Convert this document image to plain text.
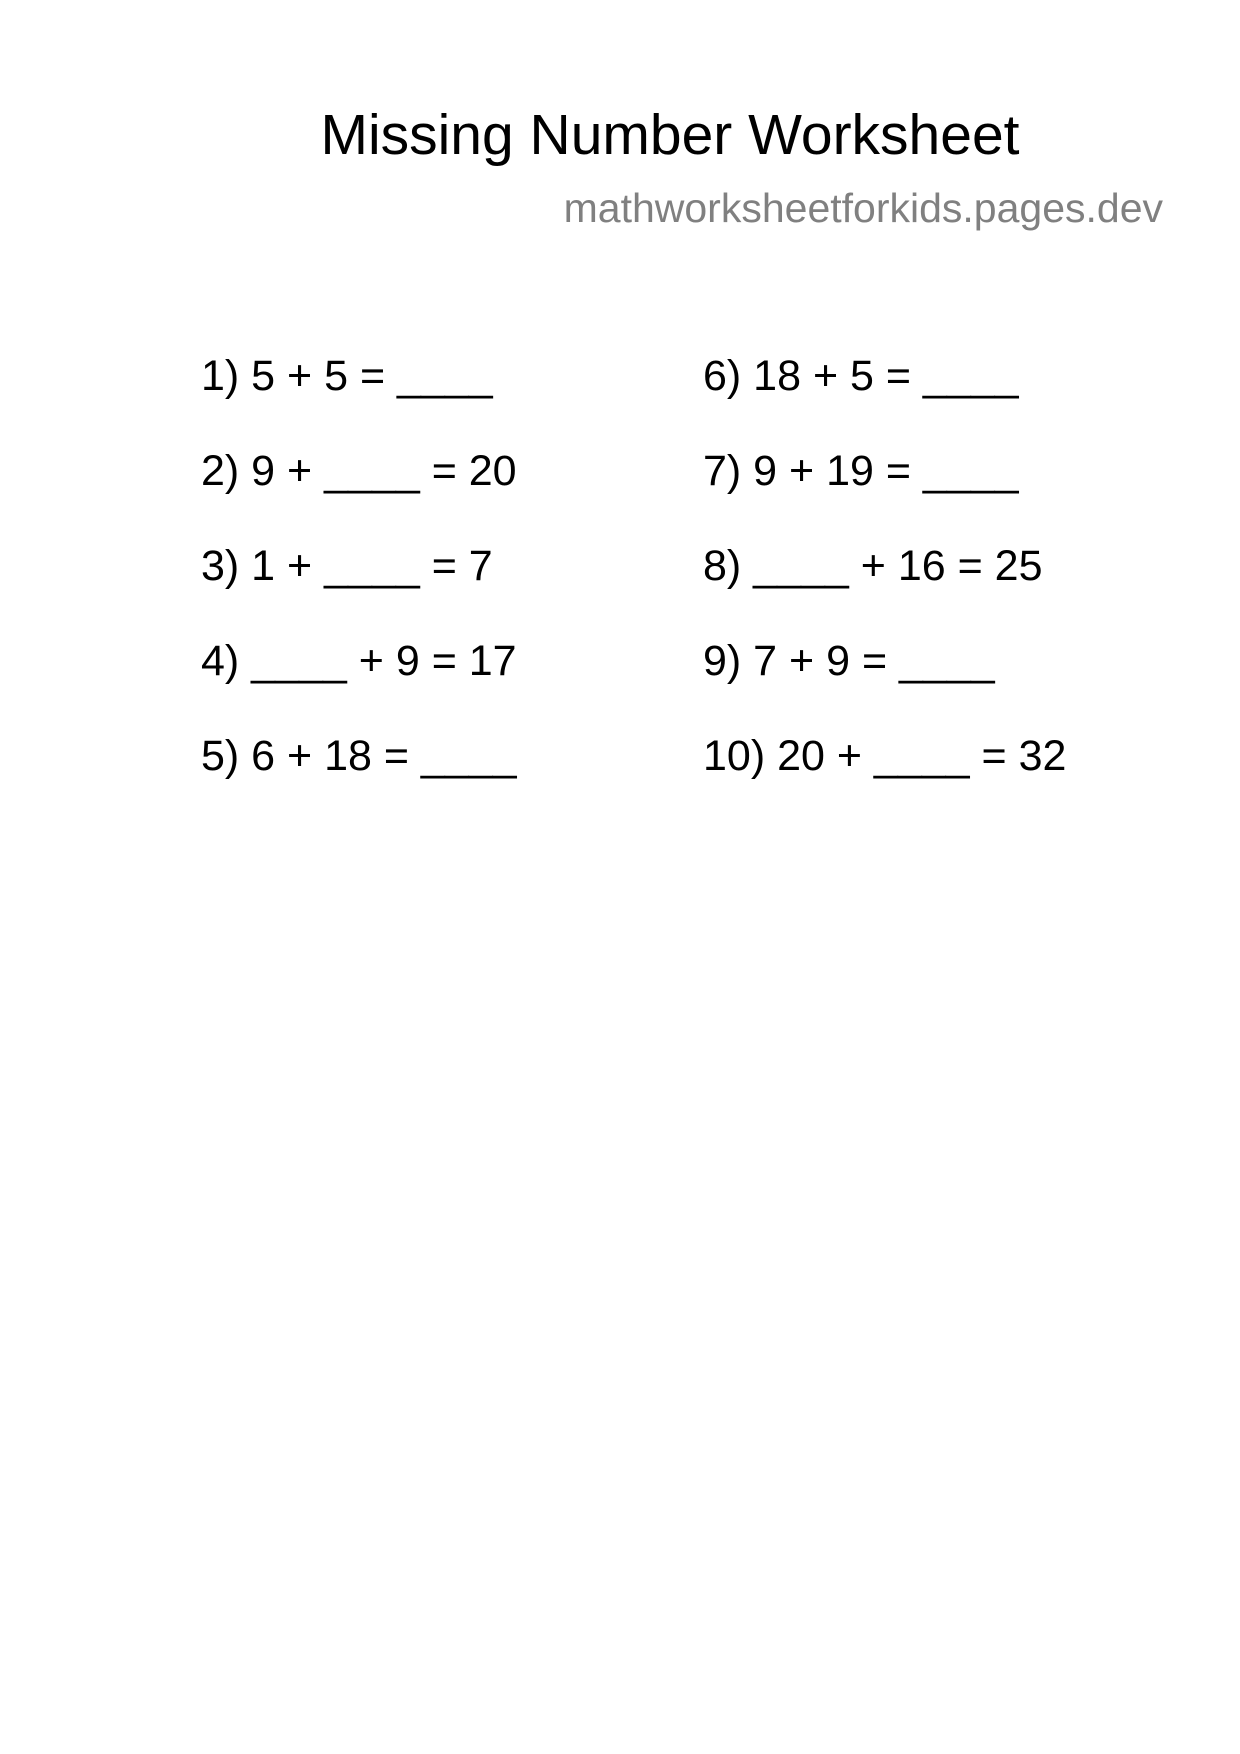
Missing Number Worksheet
mathworksheetforkids.pages.dev
1) 5 + 5 = ____
2) 9 + ____ = 20
3) 1 + ____ = 7
4) ____ + 9 = 17
5) 6 + 18 = ____
6) 18 + 5 = ____
7) 9 + 19 = ____
8) ____ + 16 = 25
9) 7 + 9 = ____
10) 20 + ____ = 32
